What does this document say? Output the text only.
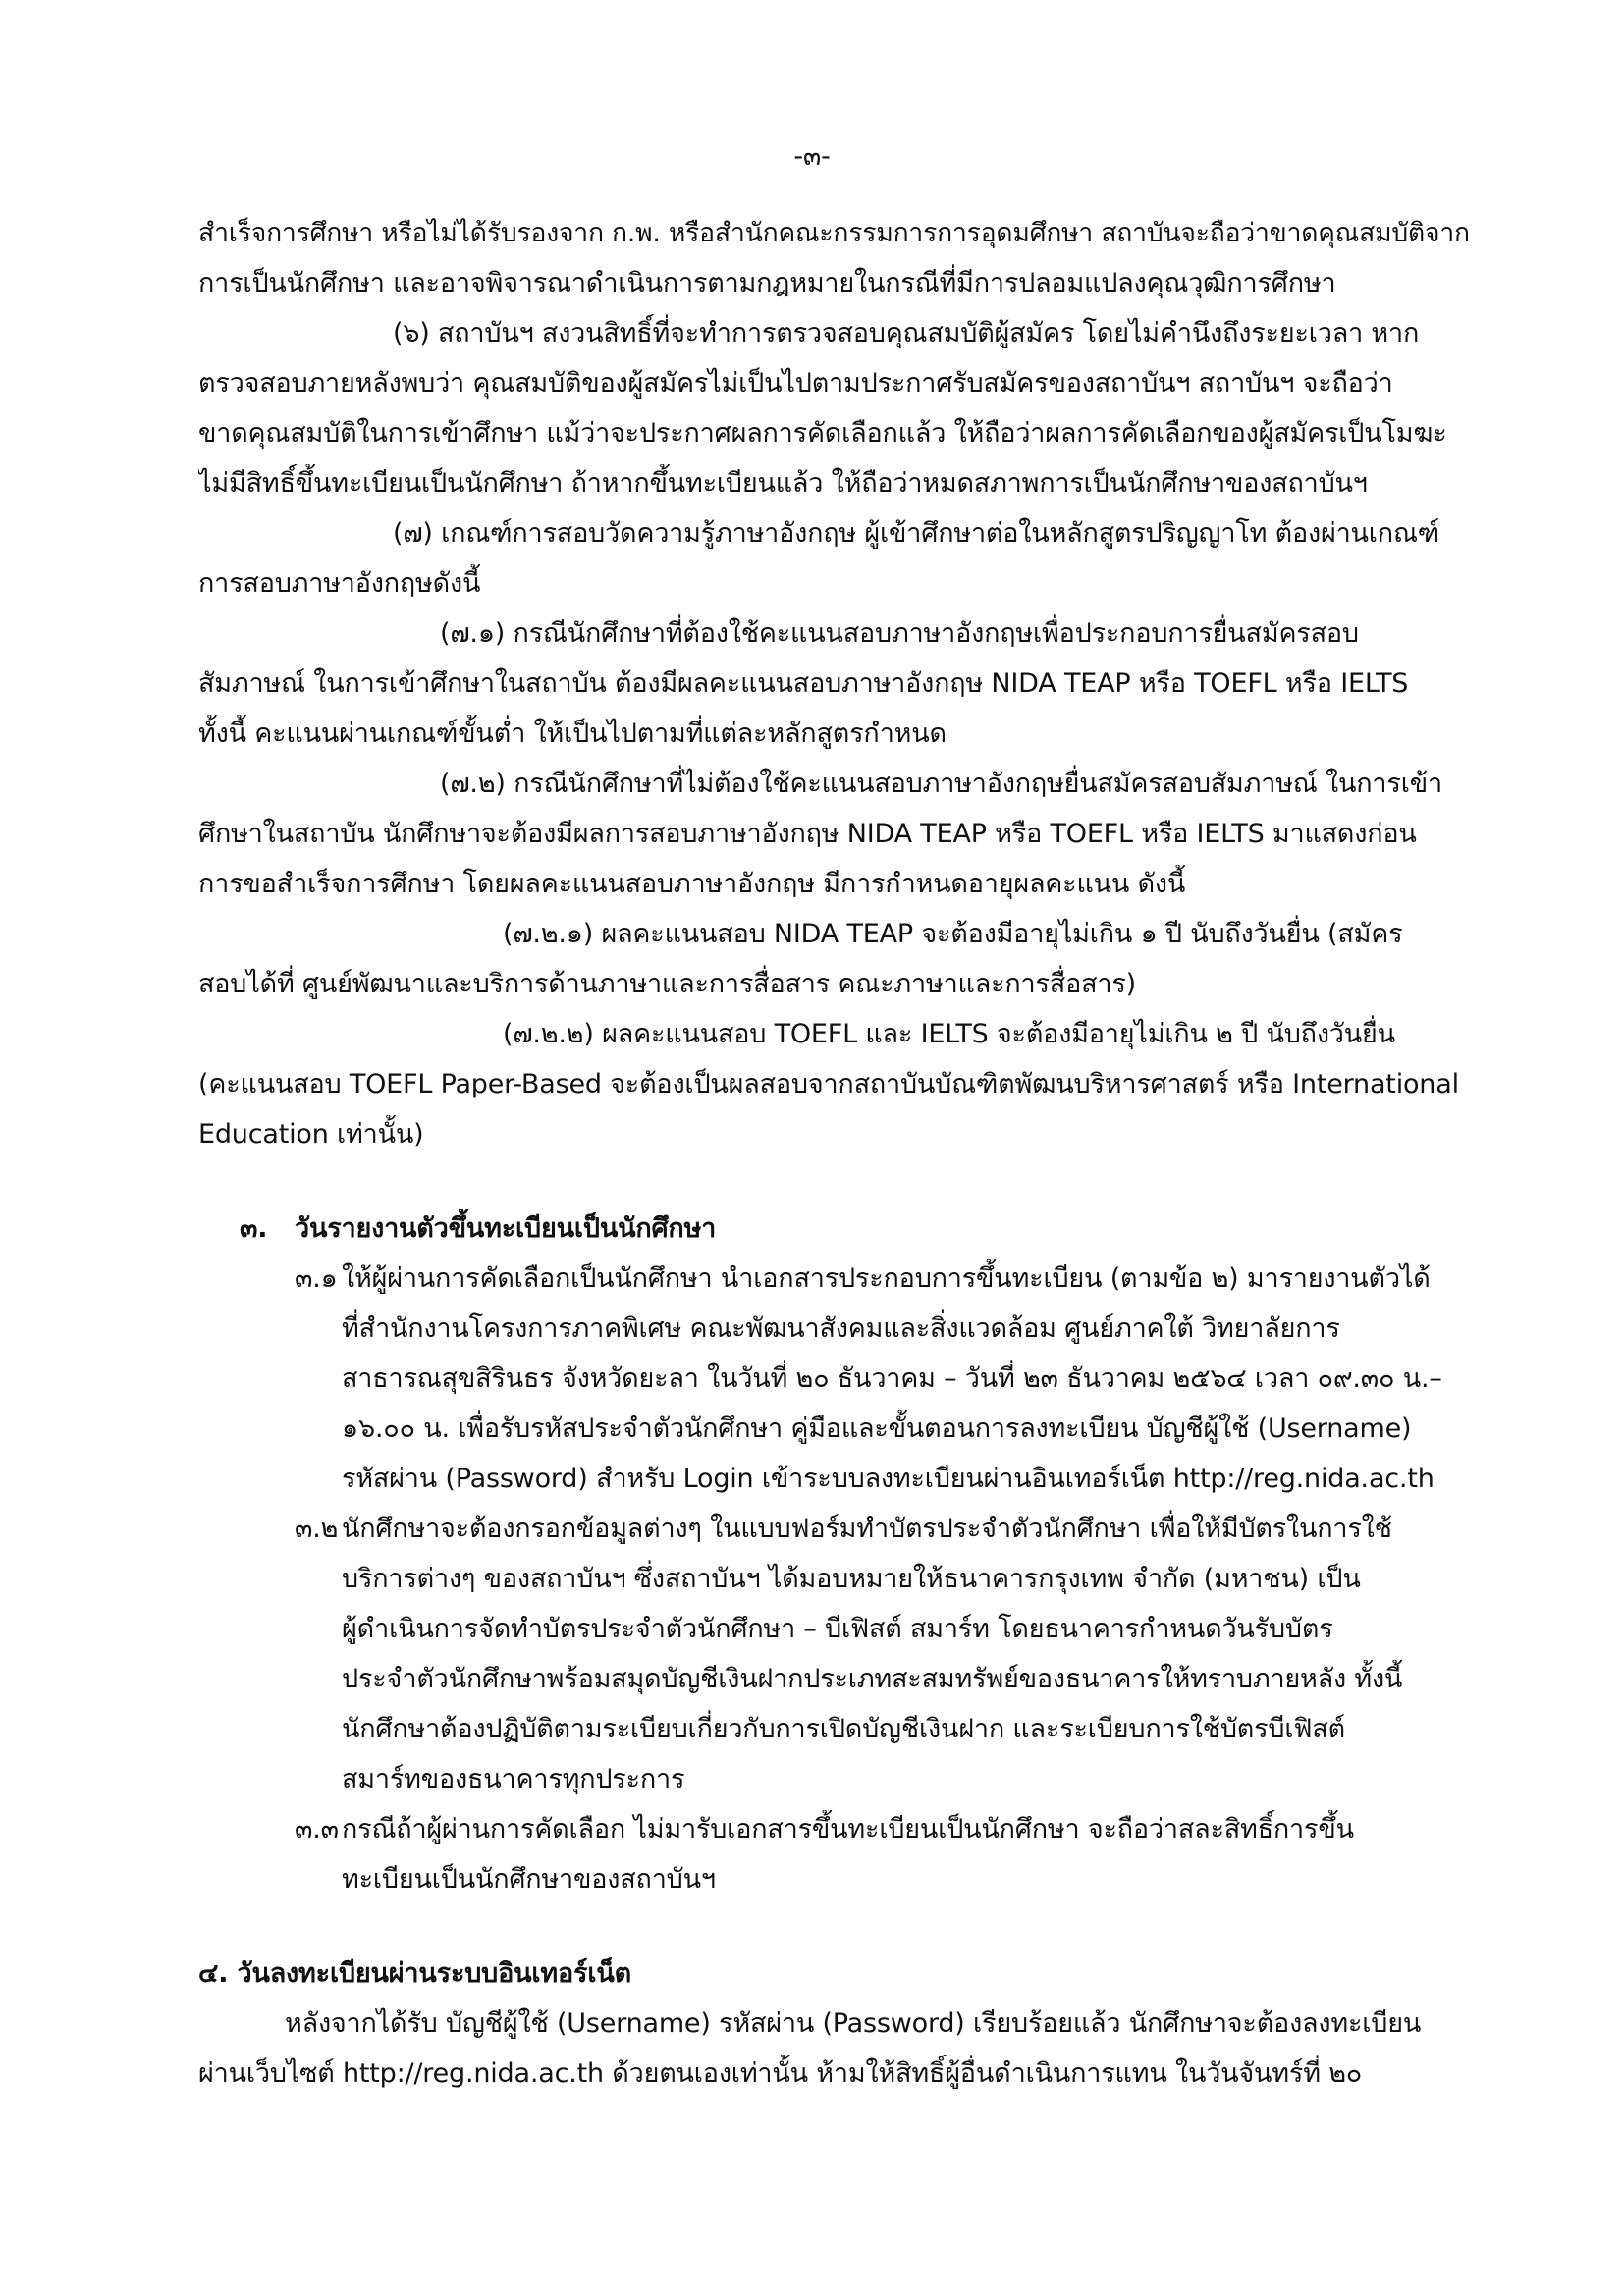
-๓-
สำเร็จการศึกษา หรือไม่ได้รับรองจาก ก.พ. หรือสำนักคณะกรรมการการอุดมศึกษา สถาบันจะถือว่าขาดคุณสมบัติจาก
การเป็นนักศึกษา และอาจพิจารณาดำเนินการตามกฎหมายในกรณีที่มีการปลอมแปลงคุณวุฒิการศึกษา
(๖) สถาบันฯ สงวนสิทธิ์ที่จะทำการตรวจสอบคุณสมบัติผู้สมัคร โดยไม่คำนึงถึงระยะเวลา หาก
ตรวจสอบภายหลังพบว่า คุณสมบัติของผู้สมัครไม่เป็นไปตามประกาศรับสมัครของสถาบันฯ สถาบันฯ จะถือว่า
ขาดคุณสมบัติในการเข้าศึกษา แม้ว่าจะประกาศผลการคัดเลือกแล้ว ให้ถือว่าผลการคัดเลือกของผู้สมัครเป็นโมฆะ
ไม่มีสิทธิ์ขึ้นทะเบียนเป็นนักศึกษา ถ้าหากขึ้นทะเบียนแล้ว ให้ถือว่าหมดสภาพการเป็นนักศึกษาของสถาบันฯ
(๗) เกณฑ์การสอบวัดความรู้ภาษาอังกฤษ ผู้เข้าศึกษาต่อในหลักสูตรปริญญาโท ต้องผ่านเกณฑ์
การสอบภาษาอังกฤษดังนี้
(๗.๑) กรณีนักศึกษาที่ต้องใช้คะแนนสอบภาษาอังกฤษเพื่อประกอบการยื่นสมัครสอบ
สัมภาษณ์ ในการเข้าศึกษาในสถาบัน ต้องมีผลคะแนนสอบภาษาอังกฤษ NIDA TEAP หรือ TOEFL หรือ IELTS
ทั้งนี้ คะแนนผ่านเกณฑ์ขั้นต่ำ ให้เป็นไปตามที่แต่ละหลักสูตรกำหนด
(๗.๒) กรณีนักศึกษาที่ไม่ต้องใช้คะแนนสอบภาษาอังกฤษยื่นสมัครสอบสัมภาษณ์ ในการเข้า
ศึกษาในสถาบัน นักศึกษาจะต้องมีผลการสอบภาษาอังกฤษ NIDA TEAP หรือ TOEFL หรือ IELTS มาแสดงก่อน
การขอสำเร็จการศึกษา โดยผลคะแนนสอบภาษาอังกฤษ มีการกำหนดอายุผลคะแนน ดังนี้
(๗.๒.๑) ผลคะแนนสอบ NIDA TEAP จะต้องมีอายุไม่เกิน ๑ ปี นับถึงวันยื่น (สมัคร
สอบได้ที่ ศูนย์พัฒนาและบริการด้านภาษาและการสื่อสาร คณะภาษาและการสื่อสาร)
(๗.๒.๒) ผลคะแนนสอบ TOEFL และ IELTS จะต้องมีอายุไม่เกิน ๒ ปี นับถึงวันยื่น
(คะแนนสอบ TOEFL Paper-Based จะต้องเป็นผลสอบจากสถาบันบัณฑิตพัฒนบริหารศาสตร์ หรือ International
Education เท่านั้น)
๓. วันรายงานตัวขึ้นทะเบียนเป็นนักศึกษา
๓.๑ ให้ผู้ผ่านการคัดเลือกเป็นนักศึกษา นำเอกสารประกอบการขึ้นทะเบียน (ตามข้อ ๒) มารายงานตัวได้
ที่สำนักงานโครงการภาคพิเศษ คณะพัฒนาสังคมและสิ่งแวดล้อม ศูนย์ภาคใต้ วิทยาลัยการ
สาธารณสุขสิรินธร จังหวัดยะลา ในวันที่ ๒๐ ธันวาคม – วันที่ ๒๓ ธันวาคม ๒๕๖๔ เวลา ๐๙.๓๐ น.–
๑๖.๐๐ น. เพื่อรับรหัสประจำตัวนักศึกษา คู่มือและขั้นตอนการลงทะเบียน บัญชีผู้ใช้ (Username)
รหัสผ่าน (Password) สำหรับ Login เข้าระบบลงทะเบียนผ่านอินเทอร์เน็ต http://reg.nida.ac.th
๓.๒ นักศึกษาจะต้องกรอกข้อมูลต่างๆ ในแบบฟอร์มทำบัตรประจำตัวนักศึกษา เพื่อให้มีบัตรในการใช้
บริการต่างๆ ของสถาบันฯ ซึ่งสถาบันฯ ได้มอบหมายให้ธนาคารกรุงเทพ จำกัด (มหาชน) เป็น
ผู้ดำเนินการจัดทำบัตรประจำตัวนักศึกษา – บีเฟิสต์ สมาร์ท โดยธนาคารกำหนดวันรับบัตร
ประจำตัวนักศึกษาพร้อมสมุดบัญชีเงินฝากประเภทสะสมทรัพย์ของธนาคารให้ทราบภายหลัง ทั้งนี้
นักศึกษาต้องปฏิบัติตามระเบียบเกี่ยวกับการเปิดบัญชีเงินฝาก และระเบียบการใช้บัตรบีเฟิสต์
สมาร์ทของธนาคารทุกประการ
๓.๓ กรณีถ้าผู้ผ่านการคัดเลือก ไม่มารับเอกสารขึ้นทะเบียนเป็นนักศึกษา จะถือว่าสละสิทธิ์การขึ้น
ทะเบียนเป็นนักศึกษาของสถาบันฯ
๔. วันลงทะเบียนผ่านระบบอินเทอร์เน็ต
หลังจากได้รับ บัญชีผู้ใช้ (Username) รหัสผ่าน (Password) เรียบร้อยแล้ว นักศึกษาจะต้องลงทะเบียน
ผ่านเว็บไซต์ http://reg.nida.ac.th ด้วยตนเองเท่านั้น ห้ามให้สิทธิ์ผู้อื่นดำเนินการแทน ในวันจันทร์ที่ ๒๐
